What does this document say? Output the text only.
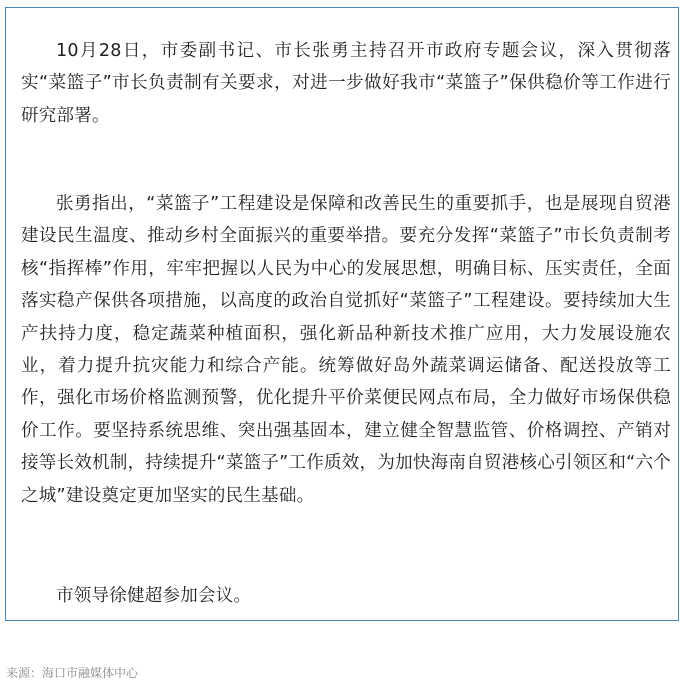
10月28日，市委副书记、市长张勇主持召开市政府专题会议，深入贯彻落实“菜篮子”市长负责制有关要求，对进一步做好我市“菜篮子”保供稳价等工作进行研究部署。

张勇指出，“菜篮子”工程建设是保障和改善民生的重要抓手，也是展现自贸港建设民生温度、推动乡村全面振兴的重要举措。要充分发挥“菜篮子”市长负责制考核“指挥棒”作用，牢牢把握以人民为中心的发展思想，明确目标、压实责任，全面落实稳产保供各项措施，以高度的政治自觉抓好“菜篮子”工程建设。要持续加大生产扶持力度，稳定蔬菜种植面积，强化新品种新技术推广应用，大力发展设施农业，着力提升抗灾能力和综合产能。统筹做好岛外蔬菜调运储备、配送投放等工作，强化市场价格监测预警，优化提升平价菜便民网点布局，全力做好市场保供稳价工作。要坚持系统思维、突出强基固本，建立健全智慧监管、价格调控、产销对接等长效机制，持续提升“菜篮子”工作质效，为加快海南自贸港核心引领区和“六个之城”建设奠定更加坚实的民生基础。

市领导徐健超参加会议。

来源：海口市融媒体中心
